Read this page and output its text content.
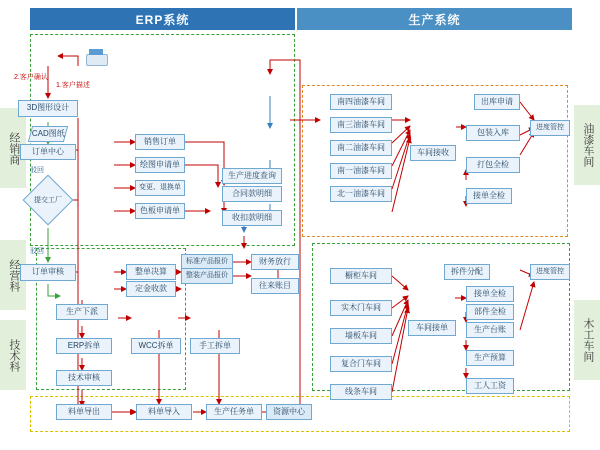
经销商
经营科
技术科
油漆车间
木工车间
ERP系统	生产系统
3D图形设计
CAD图纸
订单中心
提交工厂
订单审核
销售订单
绘图申请单
变更、退换单
色板申请单
整单决算
定金收款
标准产品报价
整装产品报价
财务放行
往来账目
生产下派
ERP拆单	WCC拆单	手工拆单
技术审核
料单导出	料单导入	生产任务单 资源中心
生产进度查询
合同款明细
收扣款明细
南四油漆车间
南三油漆车间
南二油漆车间
南一油漆车间
北一油漆车间
车间接收
接单全检
出库申请
包装入库
打包全检
进度管控
橱柜车间
实木门车间
墙板车间
复合门车间
线条车间
车间接单
拆件分配
部件全检
接单全检
生产台账
生产预算
工人工资
进度管控
2.客户确认
1.客户描述
驳回
驳回
